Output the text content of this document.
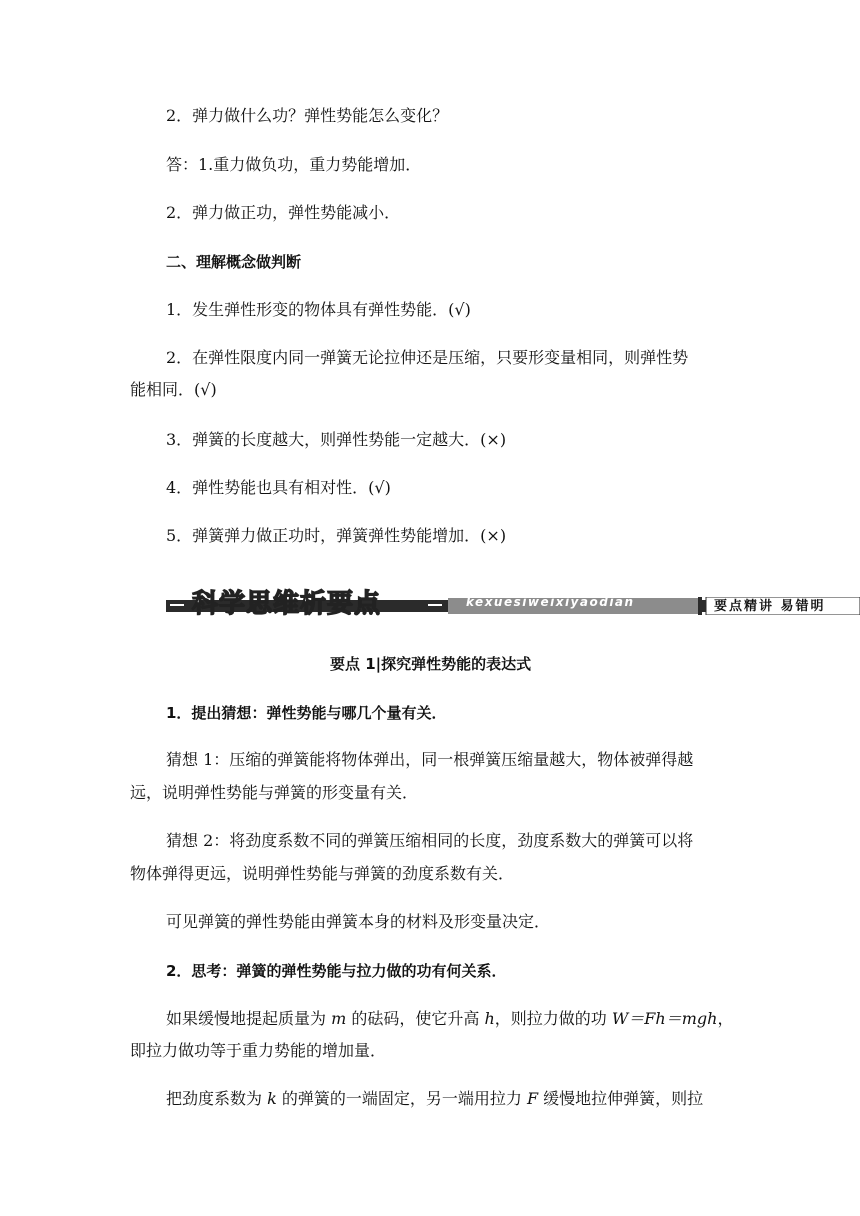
2．弹力做什么功？弹性势能怎么变化？
答：1.重力做负功，重力势能增加．
2．弹力做正功，弹性势能减小．
二、理解概念做判断
1．发生弹性形变的物体具有弹性势能．(√)
2．在弹性限度内同一弹簧无论拉伸还是压缩，只要形变量相同，则弹性势
能相同．(√)
3．弹簧的长度越大，则弹性势能一定越大．(×)
4．弹性势能也具有相对性．(√)
5．弹簧弹力做正功时，弹簧弹性势能增加．(×)
科学思维析要点	kexuesiweixiyaodian	要点精讲 易错明
要点 1|探究弹性势能的表达式
1．提出猜想：弹性势能与哪几个量有关．
猜想 1：压缩的弹簧能将物体弹出，同一根弹簧压缩量越大，物体被弹得越
远，说明弹性势能与弹簧的形变量有关．
猜想 2：将劲度系数不同的弹簧压缩相同的长度，劲度系数大的弹簧可以将
物体弹得更远，说明弹性势能与弹簧的劲度系数有关．
可见弹簧的弹性势能由弹簧本身的材料及形变量决定．
2．思考：弹簧的弹性势能与拉力做的功有何关系．
如果缓慢地提起质量为 m 的砝码，使它升高 h，则拉力做的功 W＝Fh＝mgh，
即拉力做功等于重力势能的增加量．
把劲度系数为 k 的弹簧的一端固定，另一端用拉力 F 缓慢地拉伸弹簧，则拉
